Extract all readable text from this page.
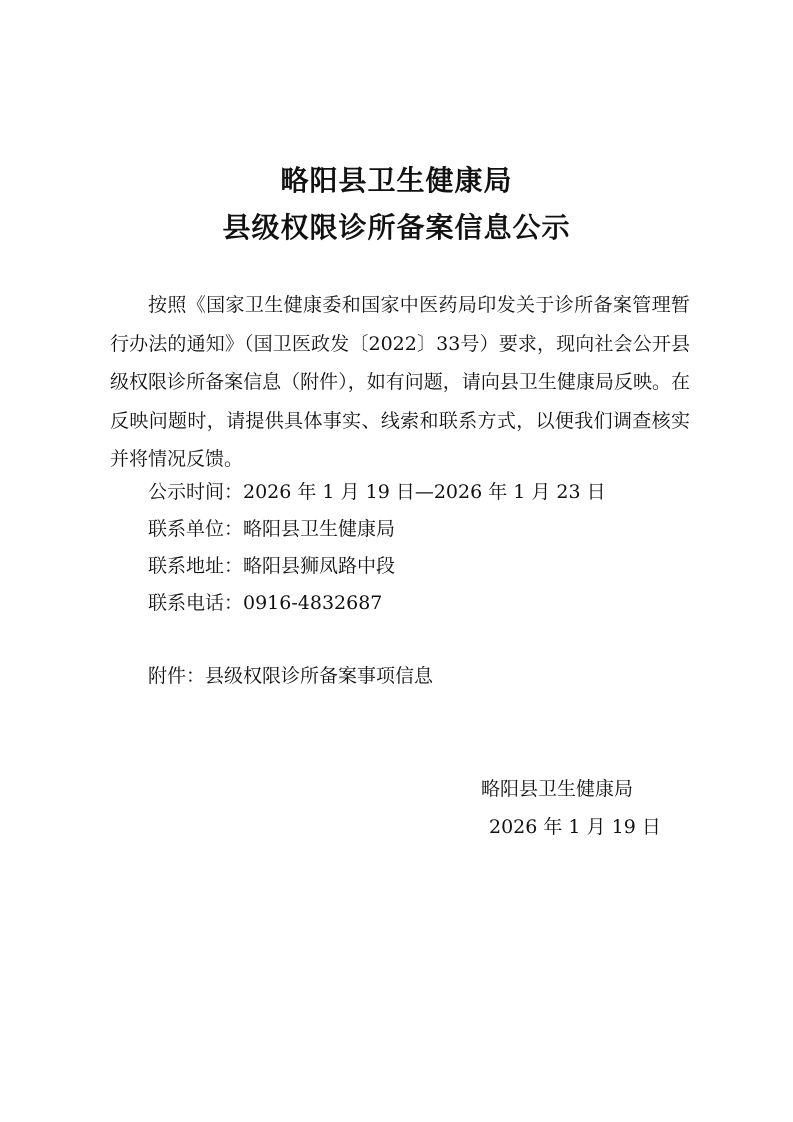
略阳县卫生健康局
县级权限诊所备案信息公示

按照《国家卫生健康委和国家中医药局印发关于诊所备案管理暂行办法的通知》（国卫医政发〔2022〕33号）要求，现向社会公开县级权限诊所备案信息（附件），如有问题，请向县卫生健康局反映。在反映问题时，请提供具体事实、线索和联系方式，以便我们调查核实并将情况反馈。

公示时间：2026 年 1 月 19 日—2026 年 1 月 23 日

联系单位：略阳县卫生健康局

联系地址：略阳县狮凤路中段

联系电话：0916-4832687

附件：县级权限诊所备案事项信息

略阳县卫生健康局

2026 年 1 月 19 日
